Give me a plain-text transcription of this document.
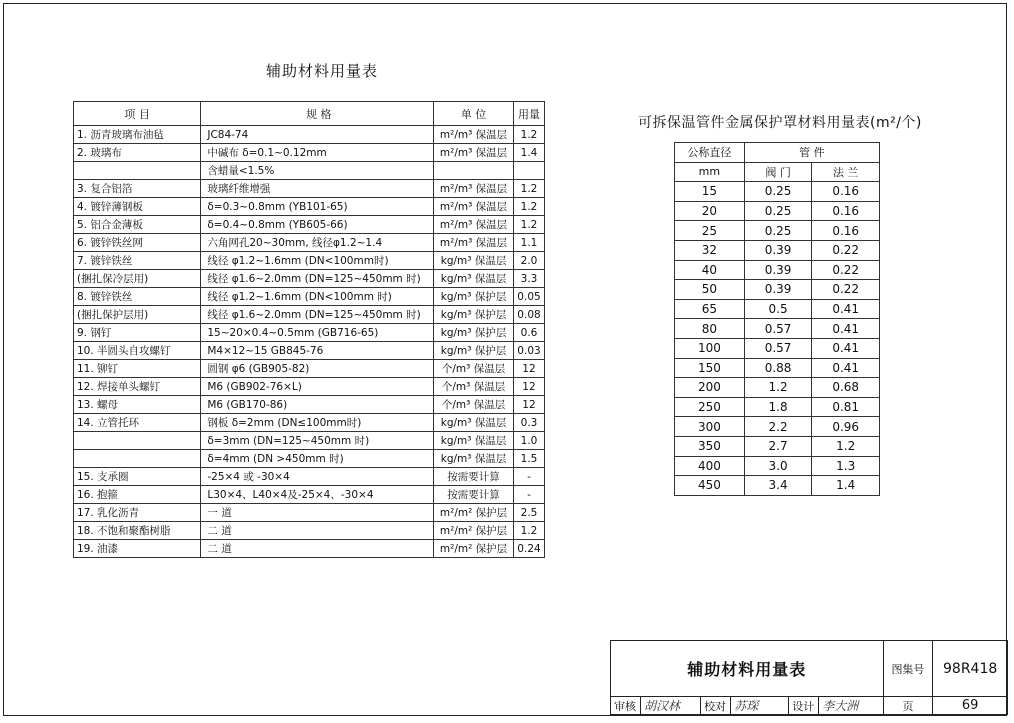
辅助材料用量表
项 目	规 格	单 位	用量
1. 沥青玻璃布油毡	JC84-74	m²/m³ 保温层	1.2
2. 玻璃布	中碱布 δ=0.1~0.12mm	m²/m³ 保温层	1.4
	含蜡量<1.5%		
3. 复合铝箔	玻璃纤维增强	m²/m³ 保温层	1.2
4. 镀锌薄钢板	δ=0.3~0.8mm (YB101-65)	m²/m³ 保温层	1.2
5. 铝合金薄板	δ=0.4~0.8mm (YB605-66)	m²/m³ 保温层	1.2
6. 镀锌铁丝网	六角网孔20~30mm, 线径φ1.2~1.4	m²/m³ 保温层	1.1
7. 镀锌铁丝	线径 φ1.2~1.6mm (DN<100mm时)	kg/m³ 保温层	2.0
(捆扎保冷层用)	线径 φ1.6~2.0mm (DN=125~450mm 时)	kg/m³ 保温层	3.3
8. 镀锌铁丝	线径 φ1.2~1.6mm (DN<100mm 时)	kg/m³ 保护层	0.05
(捆扎保护层用)	线径 φ1.6~2.0mm (DN=125~450mm 时)	kg/m³ 保护层	0.08
9. 钢钉	15~20×0.4~0.5mm (GB716-65)	kg/m³ 保护层	0.6
10. 半圆头自攻螺钉	M4×12~15 GB845-76	kg/m³ 保护层	0.03
11. 铆钉	圆钢 φ6 (GB905-82)	个/m³ 保温层	12
12. 焊接单头螺钉	M6 (GB902-76×L)	个/m³ 保温层	12
13. 螺母	M6 (GB170-86)	个/m³ 保温层	12
14. 立管托环	钢板 δ=2mm (DN≤100mm时)	kg/m³ 保温层	0.3
	δ=3mm (DN=125~450mm 时)	kg/m³ 保温层	1.0
	δ=4mm (DN >450mm 时)	kg/m³ 保温层	1.5
15. 支承圈	-25×4 或 -30×4	按需要计算	-
16. 抱箍	L30×4、L40×4及-25×4、-30×4	按需要计算	-
17. 乳化沥青	一 道	m²/m² 保护层	2.5
18. 不饱和聚酯树脂	二 道	m²/m² 保护层	1.2
19. 油漆	二 道	m²/m² 保护层	0.24
可拆保温管件金属保护罩材料用量表(m²/个)
公称直径	管 件	
mm	阀 门	法 兰
15	0.25	0.16
20	0.25	0.16
25	0.25	0.16
32	0.39	0.22
40	0.39	0.22
50	0.39	0.22
65	0.5	0.41
80	0.57	0.41
100	0.57	0.41
150	0.88	0.41
200	1.2	0.68
250	1.8	0.81
300	2.2	0.96
350	2.7	1.2
400	3.0	1.3
450	3.4	1.4
辅助材料用量表						图集号	98R418
审核	胡汉林	校对	苏琛	设计	李大洲	页	69
